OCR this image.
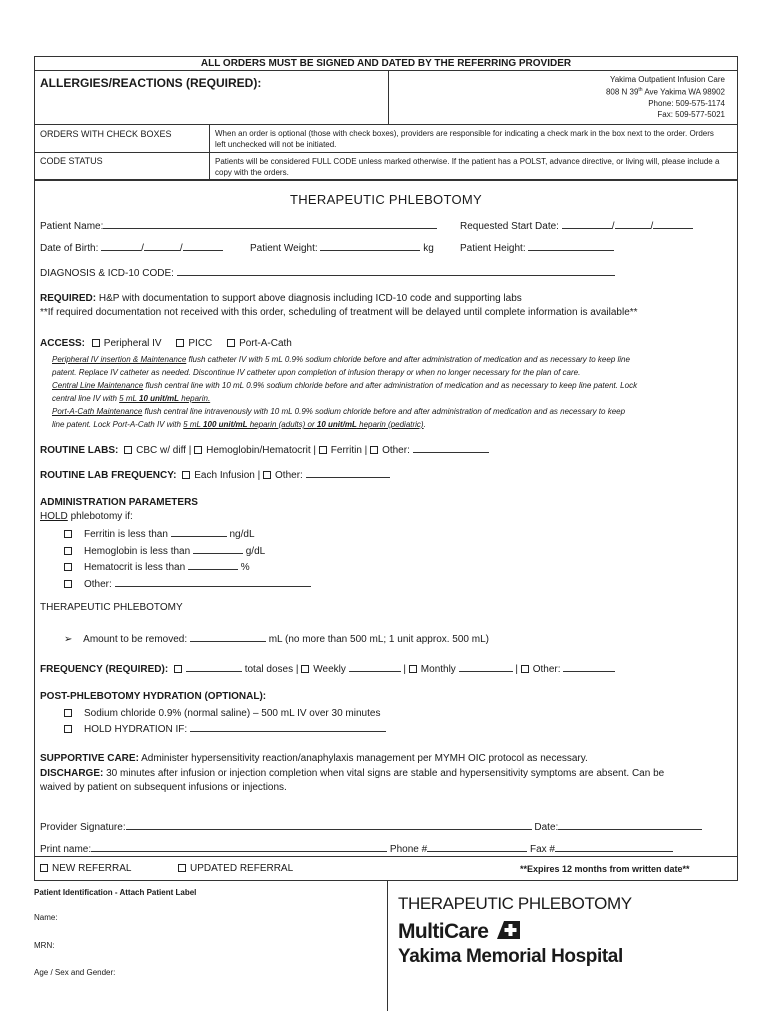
ALL ORDERS MUST BE SIGNED AND DATED BY THE REFERRING PROVIDER
ALLERGIES/REACTIONS (REQUIRED):	Yakima Outpatient Infusion Care
808 N 39th Ave Yakima WA 98902
Phone: 509-575-1174
Fax: 509-577-5021
ORDERS WITH CHECK BOXES	When an order is optional (those with check boxes), providers are responsible for indicating a check mark in the box next to the order. Orders left unchecked will not be initiated.
CODE STATUS	Patients will be considered FULL CODE unless marked otherwise. If the patient has a POLST, advance directive, or living will, please include a copy with the orders.
THERAPEUTIC PHLEBOTOMY
Patient Name:	Requested Start Date:	/	/
Date of Birth:	/	/	Patient Weight:	kg	Patient Height:
DIAGNOSIS & ICD-10 CODE:
REQUIRED: H&P with documentation to support above diagnosis including ICD-10 code and supporting labs
**If required documentation not received with this order, scheduling of treatment will be delayed until complete information is available**
ACCESS: Peripheral IV	PICC	Port-A-Cath
Peripheral IV insertion & Maintenance flush catheter IV with 5 mL 0.9% sodium chloride before and after administration of medication and as necessary to keep line
patent. Replace IV catheter as needed. Discontinue IV catheter upon completion of infusion therapy or when no longer necessary for the plan of care.
Central Line Maintenance flush central line with 10 mL 0.9% sodium chloride before and after administration of medication and as necessary to keep line patent. Lock
central line IV with 5 mL 10 unit/mL heparin.
Port-A-Cath Maintenance flush central line intravenously with 10 mL 0.9% sodium chloride before and after administration of medication and as necessary to keep
line patent. Lock Port-A-Cath IV with 5 mL 100 unit/mL heparin (adults) or 10 unit/mL heparin (pediatric).
ROUTINE LABS: CBC w/ diff | Hemoglobin/Hematocrit | Ferritin | Other:
ROUTINE LAB FREQUENCY: Each Infusion | Other:
ADMINISTRATION PARAMETERS
HOLD phlebotomy if:
Ferritin is less than	ng/dL
Hemoglobin is less than	g/dL
Hematocrit is less than	%
Other:
THERAPEUTIC PHLEBOTOMY
➢ Amount to be removed:	mL (no more than 500 mL; 1 unit approx. 500 mL)
FREQUENCY (REQUIRED):	total doses | Weekly	| Monthly	| Other:
POST-PHLEBOTOMY HYDRATION (OPTIONAL):
Sodium chloride 0.9% (normal saline) – 500 mL IV over 30 minutes
HOLD HYDRATION IF:
SUPPORTIVE CARE: Administer hypersensitivity reaction/anaphylaxis management per MYMH OIC protocol as necessary.
DISCHARGE: 30 minutes after infusion or injection completion when vital signs are stable and hypersensitivity symptoms are absent. Can be
waived by patient on subsequent infusions or injections.
Provider Signature:	Date:
Print name:	Phone #	Fax #
NEW REFERRAL	UPDATED REFERRAL	**Expires 12 months from written date**
Patient Identification - Attach Patient Label
Name:
MRN:
Age / Sex and Gender:
THERAPEUTIC PHLEBOTOMY
MultiCare
Yakima Memorial Hospital
